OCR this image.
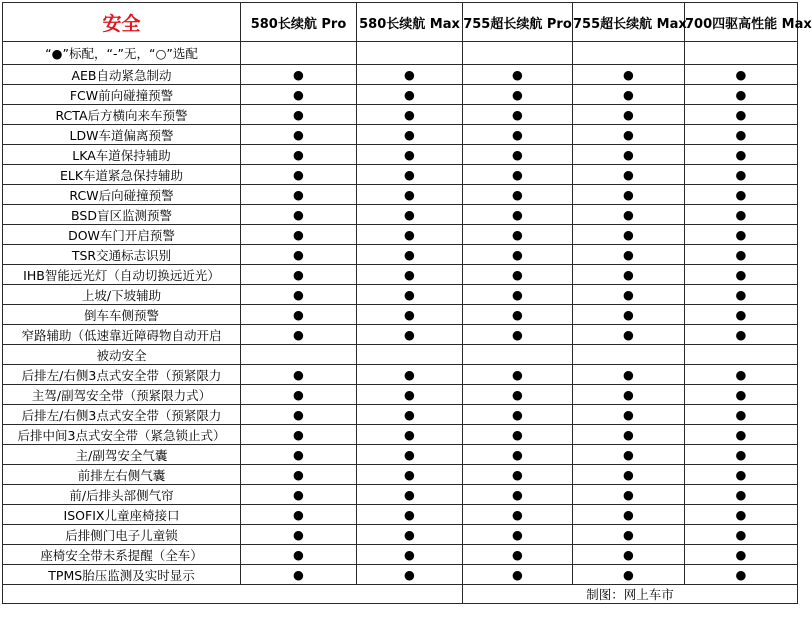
安全	580长续航 Pro	580长续航 Max	755超长续航 Pro	755超长续航 Max	700四驱高性能 Max
“●”标配，“-”无，“○”选配					
AEB自动紧急制动	●	●	●	●	●
FCW前向碰撞预警	●	●	●	●	●
RCTA后方横向来车预警	●	●	●	●	●
LDW车道偏离预警	●	●	●	●	●
LKA车道保持辅助	●	●	●	●	●
ELK车道紧急保持辅助	●	●	●	●	●
RCW后向碰撞预警	●	●	●	●	●
BSD盲区监测预警	●	●	●	●	●
DOW车门开启预警	●	●	●	●	●
TSR交通标志识别	●	●	●	●	●
IHB智能远光灯（自动切换远近光）	●	●	●	●	●
上坡/下坡辅助	●	●	●	●	●
倒车车侧预警	●	●	●	●	●
窄路辅助（低速靠近障碍物自动开启	●	●	●	●	●
被动安全					
后排左/右侧3点式安全带（预紧限力	●	●	●	●	●
主驾/副驾安全带（预紧限力式）	●	●	●	●	●
后排左/右侧3点式安全带（预紧限力	●	●	●	●	●
后排中间3点式安全带（紧急锁止式）	●	●	●	●	●
主/副驾安全气囊	●	●	●	●	●
前排左右侧气囊	●	●	●	●	●
前/后排头部侧气帘	●	●	●	●	●
ISOFIX儿童座椅接口	●	●	●	●	●
后排侧门电子儿童锁	●	●	●	●	●
座椅安全带未系提醒（全车）	●	●	●	●	●
TPMS胎压监测及实时显示	●	●	●	●	●
			制图：网上车市		
